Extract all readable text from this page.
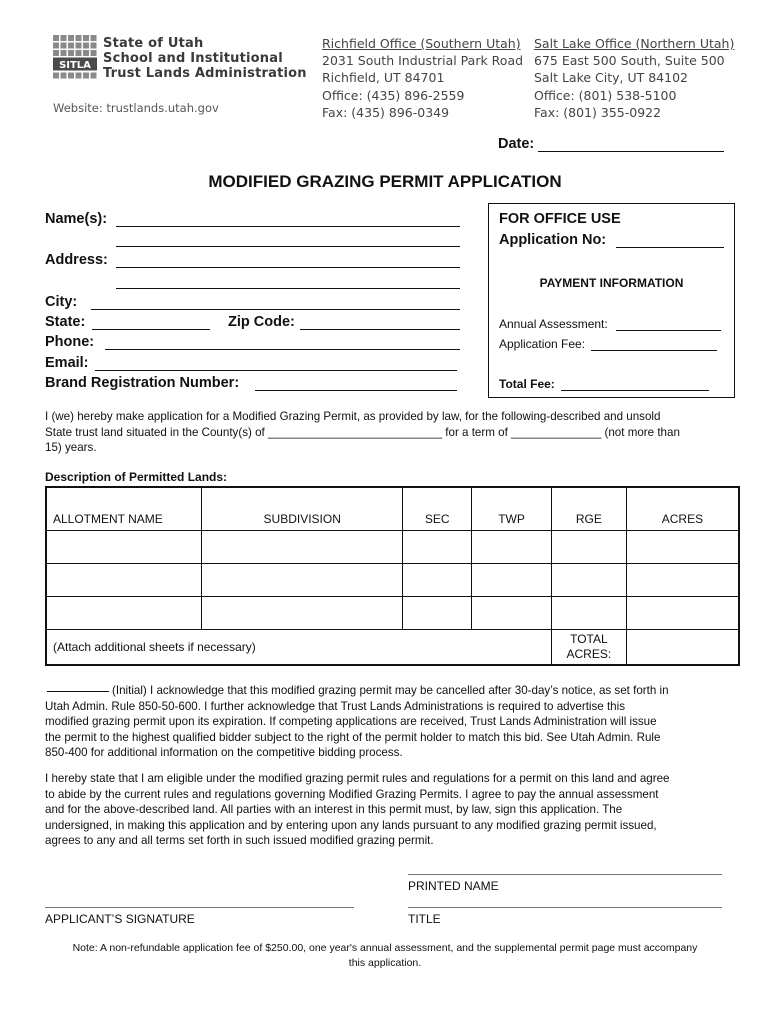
SITLA
State of Utah
School and Institutional
Trust Lands Administration
Website: trustlands.utah.gov
Richfield Office (Southern Utah)
2031 South Industrial Park Road
Richfield, UT 84701
Office: (435) 896-2559
Fax: (435) 896-0349
Salt Lake Office (Northern Utah)
675 East 500 South, Suite 500
Salt Lake City, UT 84102
Office: (801) 538-5100
Fax: (801) 355-0922
Date:
MODIFIED GRAZING PERMIT APPLICATION
Name(s):
Address:
City:
State:	Zip Code:
Phone:
Email:
Brand Registration Number:
FOR OFFICE USE
Application No:
PAYMENT INFORMATION
Annual Assessment:
Application Fee:
Total Fee:
I (we) hereby make application for a Modified Grazing Permit, as provided by law, for the following-described and unsold
State trust land situated in the County(s) of ___________________________ for a term of ______________ (not more than
15) years.
Description of Permitted Lands:
ALLOTMENT NAME	SUBDIVISION	SEC	TWP	RGE	ACRES

(Attach additional sheets if necessary)				TOTAL
ACRES:	

(Initial) I acknowledge that this modified grazing permit may be cancelled after 30-day’s notice, as set forth in
Utah Admin. Rule 850-50-600. I further acknowledge that Trust Lands Administrations is required to advertise this
modified grazing permit upon its expiration. If competing applications are received, Trust Lands Administration will issue
the permit to the highest qualified bidder subject to the right of the permit holder to match this bid. See Utah Admin. Rule
850-400 for additional information on the competitive bidding process.
I hereby state that I am eligible under the modified grazing permit rules and regulations for a permit on this land and agree
to abide by the current rules and regulations governing Modified Grazing Permits. I agree to pay the annual assessment
and for the above-described land. All parties with an interest in this permit must, by law, sign this application. The
undersigned, in making this application and by entering upon any lands pursuant to any modified grazing permit issued,
agrees to any and all terms set forth in such issued modified grazing permit.
PRINTED NAME
APPLICANT’S SIGNATURE	TITLE
Note: A non-refundable application fee of $250.00, one year's annual assessment, and the supplemental permit page must accompany
this application.
